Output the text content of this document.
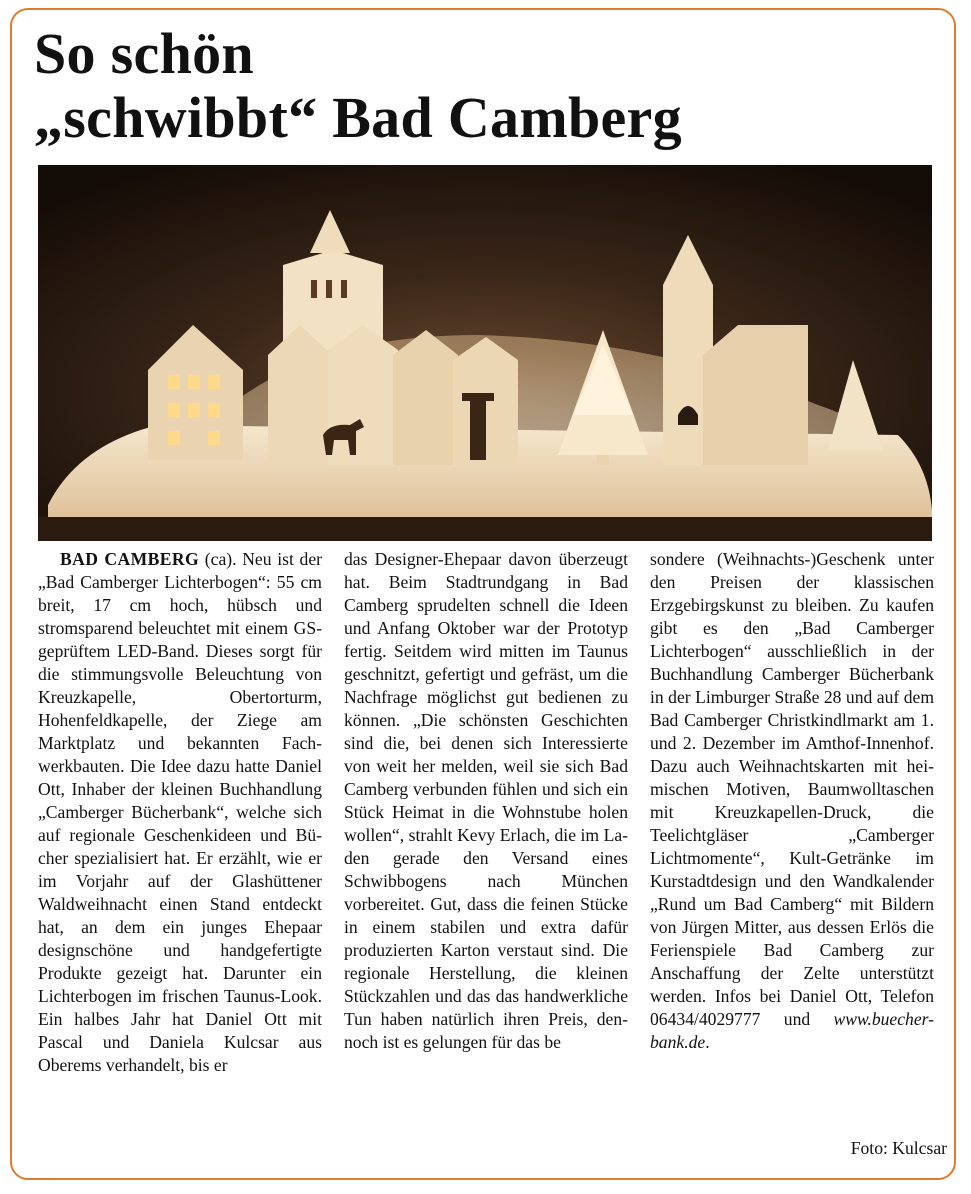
So schön
„schwibbt“ Bad Camberg

BAD CAMBERG (ca). Neu ist der „Bad Camberger Lichterbogen“: 55 cm breit, 17 cm hoch, hübsch und stromsparend beleuchtet mit einem GS-geprüftem LED-Band. Dieses sorgt für die stimmungsvolle Beleuchtung von Kreuzkapelle, Obertorturm, Hohenfeldkapelle, der Ziege am Marktplatz und bekannten Fachwerkbauten. Die Idee dazu hatte Daniel Ott, Inhaber der kleinen Buchhandlung „Camberger Bücherbank“, welche sich auf regionale Geschenkideen und Bücher spezialisiert hat. Er erzählt, wie er im Vorjahr auf der Glashüttener Waldweihnacht einen Stand entdeckt hat, an dem ein junges Ehepaar designschöne und handgefertigte Produkte gezeigt hat. Darunter ein Lichterbogen im frischen Taunus-Look. Ein halbes Jahr hat Daniel Ott mit Pascal und Daniela Kulcsar aus Oberems verhandelt, bis er

das Designer-Ehepaar davon überzeugt hat. Beim Stadtrundgang in Bad Camberg sprudelten schnell die Ideen und Anfang Oktober war der Prototyp fertig. Seitdem wird mitten im Taunus geschnitzt, gefertigt und gefräst, um die Nachfrage möglichst gut bedienen zu können. „Die schönsten Geschichten sind die, bei denen sich Interessierte von weit her melden, weil sie sich Bad Camberg verbunden fühlen und sich ein Stück Heimat in die Wohnstube holen wollen“, strahlt Kevy Erlach, die im Laden gerade den Versand eines Schwibbogens nach München vorbereitet. Gut, dass die feinen Stücke in einem stabilen und extra dafür produzierten Karton verstaut sind. Die regionale Herstellung, die kleinen Stückzahlen und das das handwerkliche Tun haben natürlich ihren Preis, dennoch ist es gelungen für das be

sondere (Weihnachts-)Geschenk unter den Preisen der klassischen Erzgebirgskunst zu bleiben. Zu kaufen gibt es den „Bad Camberger Lichterbogen“ ausschließlich in der Buchhandlung Camberger Bücherbank in der Limburger Straße 28 und auf dem Bad Camberger Christkindlmarkt am 1. und 2. Dezember im Amthof-Innenhof. Dazu auch Weihnachtskarten mit heimischen Motiven, Baumwolltaschen mit Kreuzkapellen-Druck, die Teelichtgläser „Camberger Lichtmomente“, Kult-Getränke im Kurstadtdesign und den Wandkalender „Rund um Bad Camberg“ mit Bildern von Jürgen Mitter, aus dessen Erlös die Ferienspiele Bad Camberg zur Anschaffung der Zelte unterstützt werden. Infos bei Daniel Ott, Telefon 06434/4029777 und www.buecher-bank.de.

Foto: Kulcsar
